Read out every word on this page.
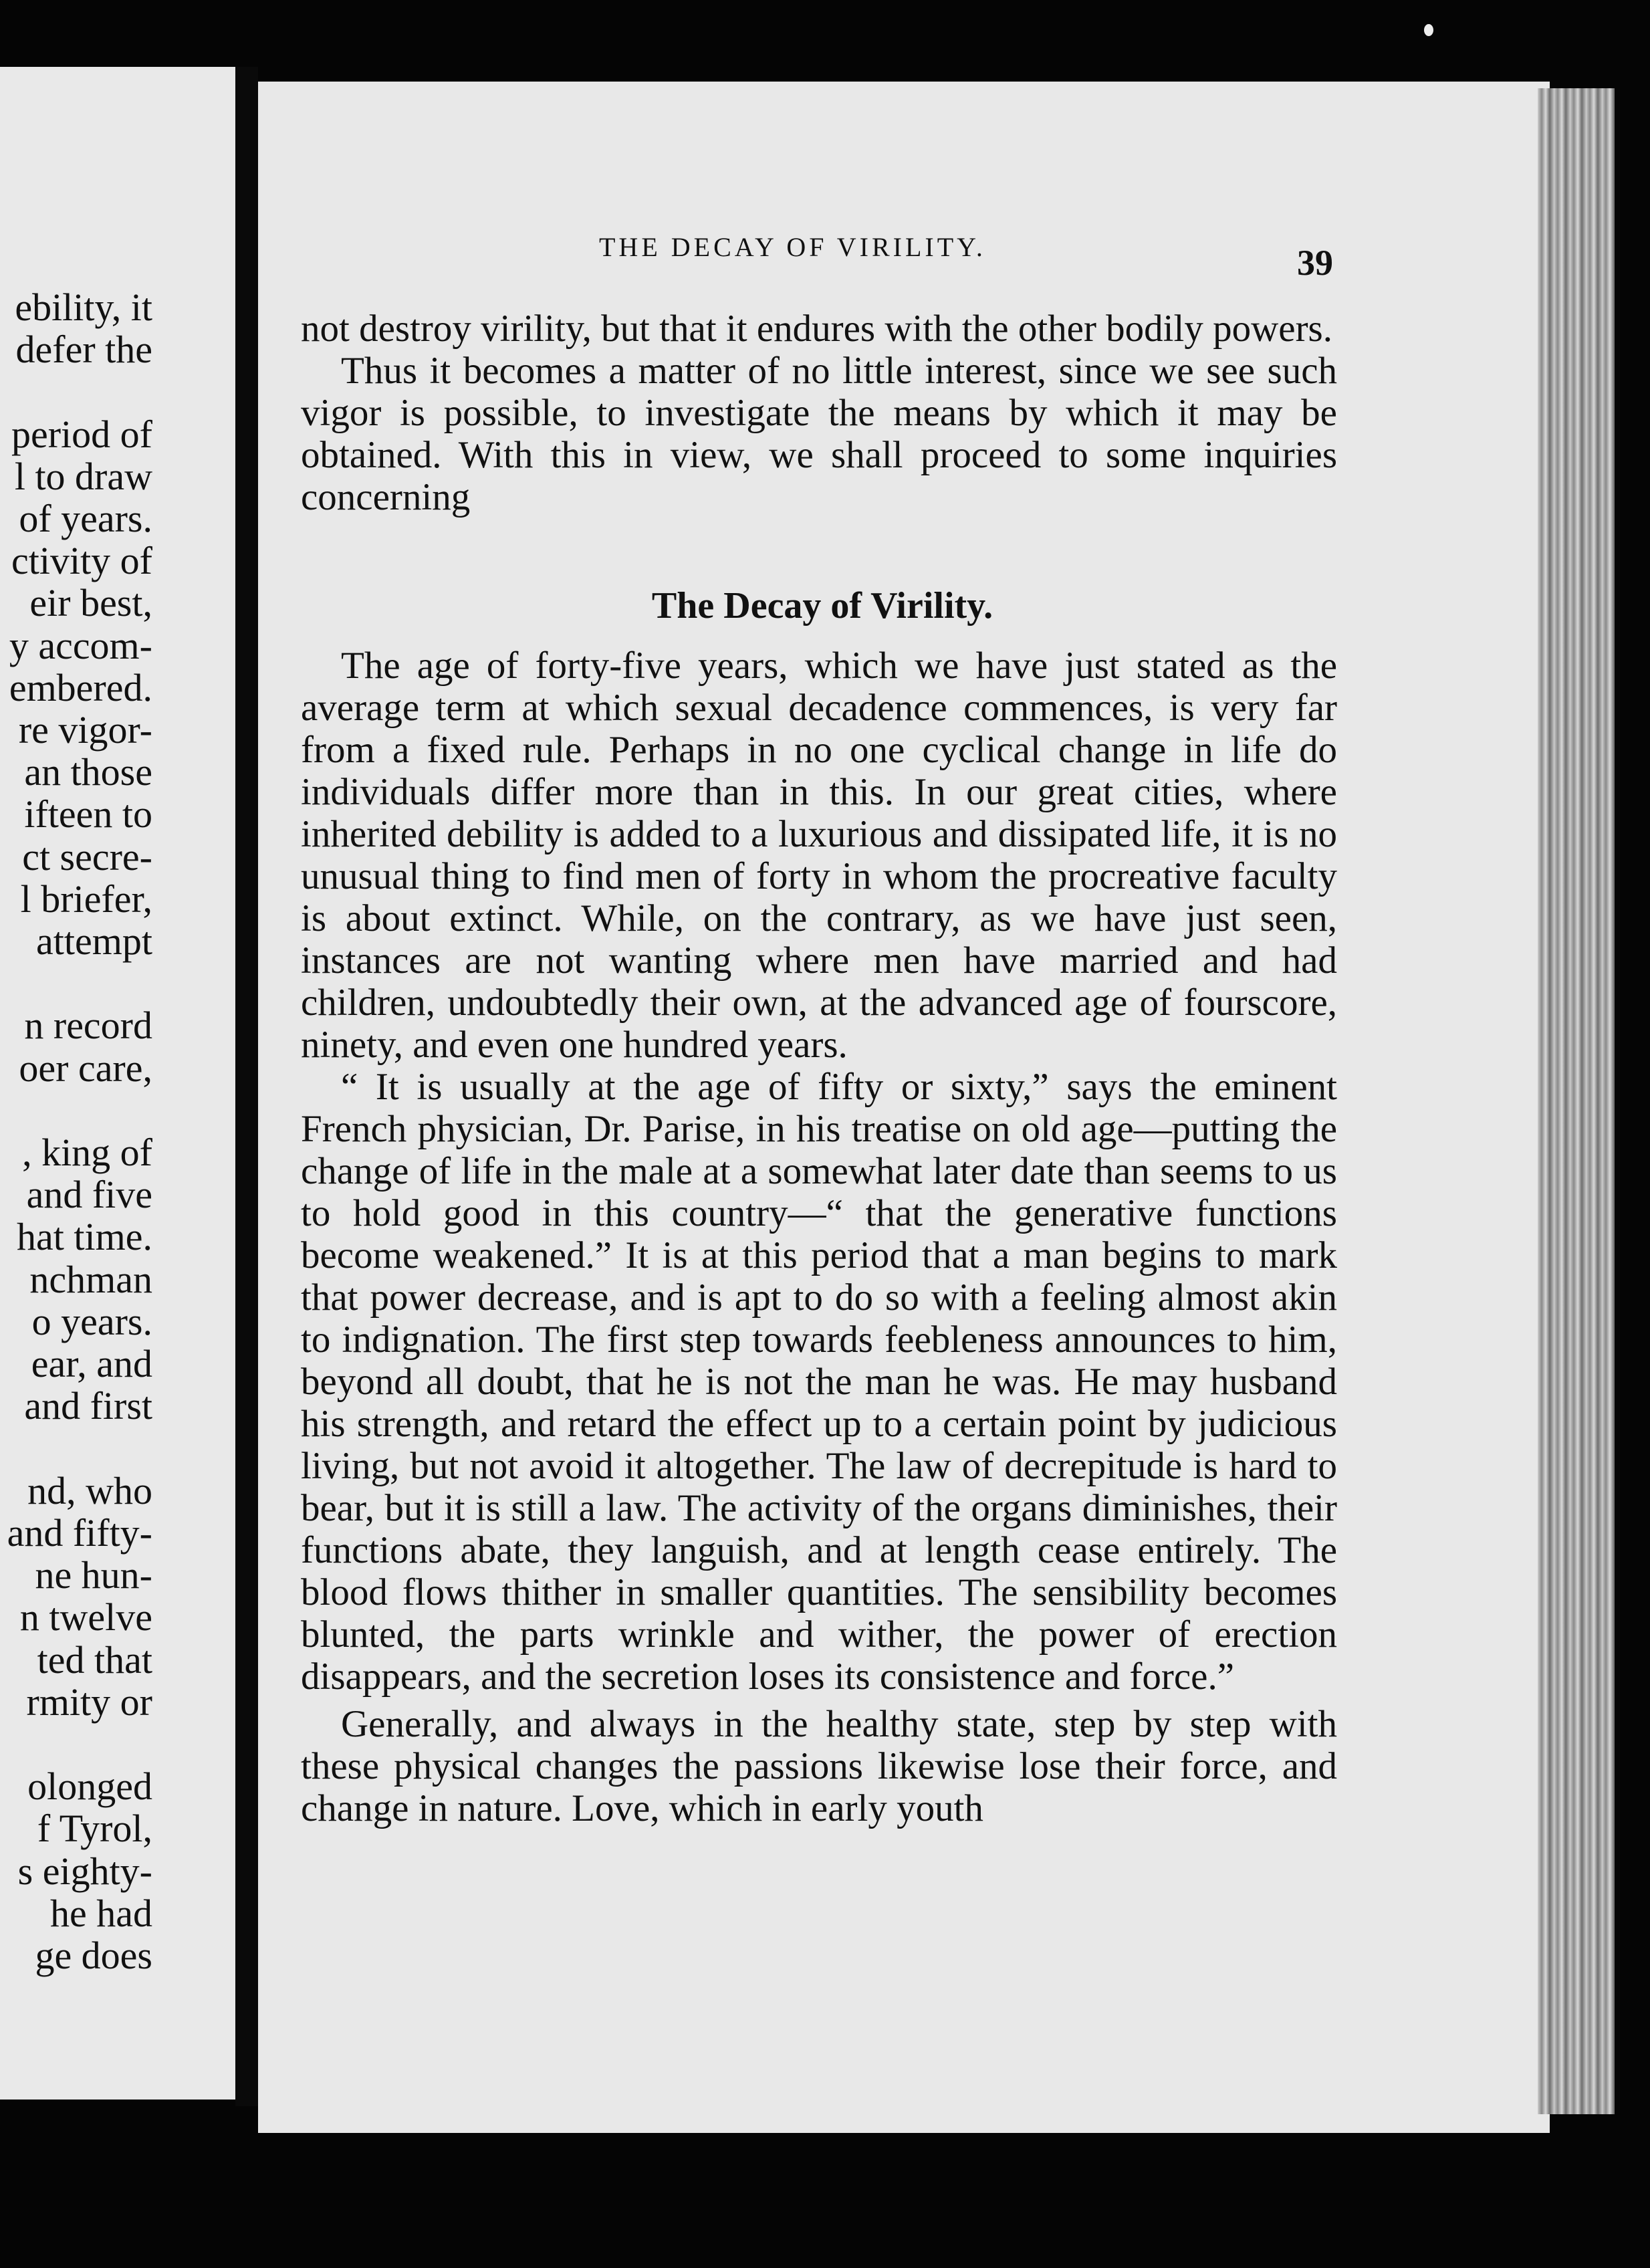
ebility, it
defer the

period of
l to draw
of years.
ctivity of
eir best,
y accom-
embered.
re vigor-
an those
ifteen to
ct secre-
l briefer,
attempt

n record
oer care,

, king of
and five
hat time.
nchman
o years.
ear, and
and first

nd, who
and fifty-
ne hun-
n twelve
ted that
rmity or

olonged
f Tyrol,
s eighty-
he had
ge does
THE DECAY OF VIRILITY.	39

not destroy virility, but that it endures with the other bodily powers.

Thus it becomes a matter of no little interest, since we see such vigor is possible, to investigate the means by which it may be obtained. With this in view, we shall proceed to some inquiries concerning

The Decay of Virility.

The age of forty-five years, which we have just stated as the average term at which sexual decadence commences, is very far from a fixed rule. Perhaps in no one cyclical change in life do individuals differ more than in this. In our great cities, where inherited debility is added to a luxurious and dissipated life, it is no unusual thing to find men of forty in whom the procreative faculty is about extinct. While, on the contrary, as we have just seen, instances are not wanting where men have married and had children, undoubtedly their own, at the advanced age of fourscore, ninety, and even one hundred years.

“ It is usually at the age of fifty or sixty,” says the eminent French physician, Dr. Parise, in his treatise on old age—putting the change of life in the male at a somewhat later date than seems to us to hold good in this country—“ that the generative functions become weakened.” It is at this period that a man begins to mark that power decrease, and is apt to do so with a feeling almost akin to indignation. The first step towards feebleness announces to him, beyond all doubt, that he is not the man he was. He may husband his strength, and retard the effect up to a certain point by judicious living, but not avoid it altogether. The law of decrepitude is hard to bear, but it is still a law. The activity of the organs diminishes, their functions abate, they languish, and at length cease entirely. The blood flows thither in smaller quantities. The sensibility becomes blunted, the parts wrinkle and wither, the power of erection disappears, and the secretion loses its consistence and force.”

Generally, and always in the healthy state, step by step with these physical changes the passions likewise lose their force, and change in nature. Love, which in early youth
